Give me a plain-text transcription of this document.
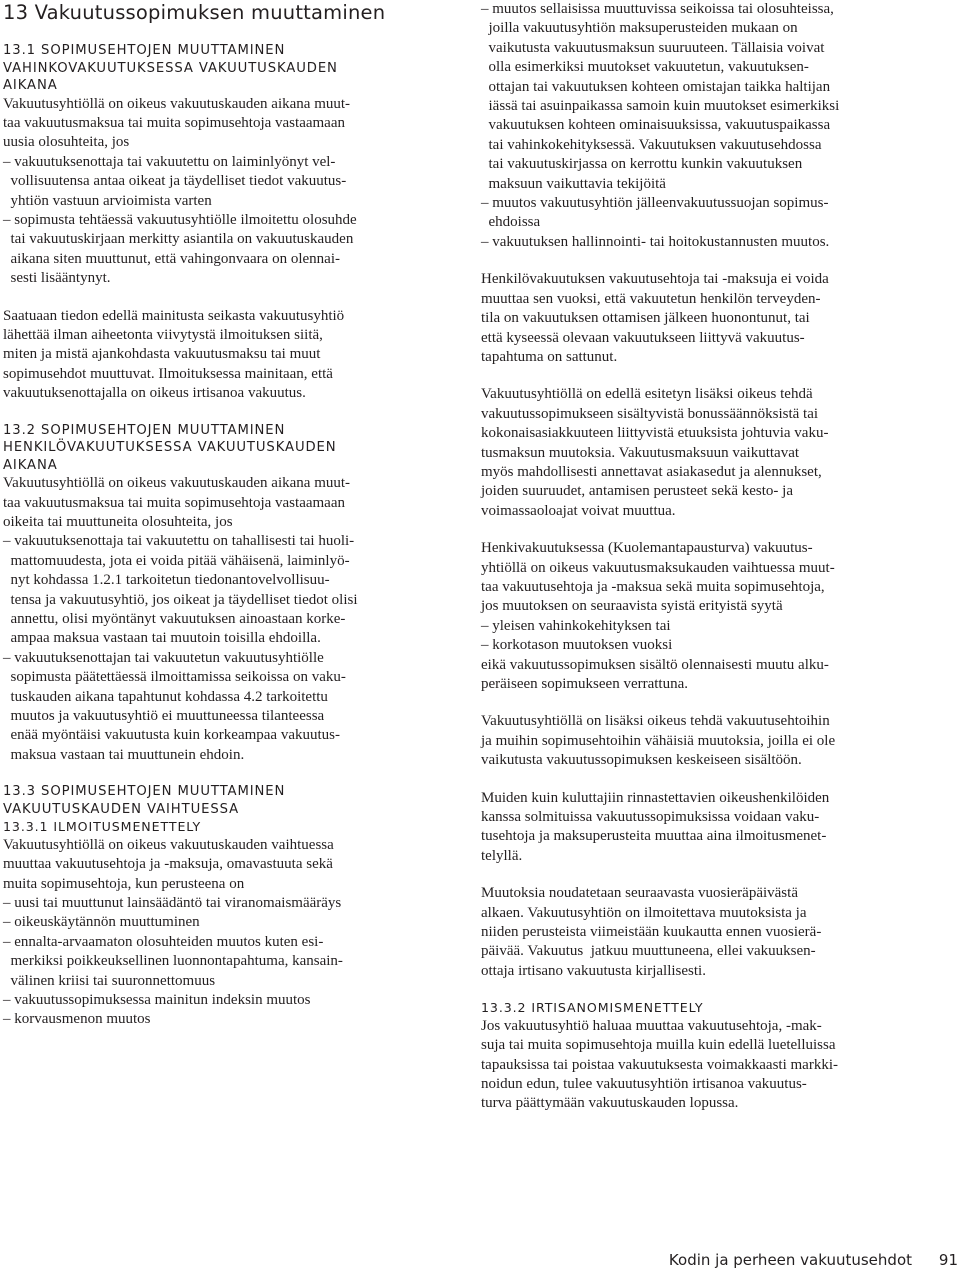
13 Vakuutussopimuksen muuttaminen
13.1 SOPIMUSEHTOJEN MUUTTAMINEN
VAHINKOVAKUUTUKSESSA VAKUUTUSKAUDEN
AIKANA
Vakuutusyhtiöllä on oikeus vakuutuskauden aikana muut-
taa vakuutusmaksua tai muita sopimusehtoja vastaamaan
uusia olosuhteita, jos
– vakuutuksenottaja tai vakuutettu on laiminlyönyt vel-
vollisuutensa antaa oikeat ja täydelliset tiedot vakuutus-
yhtiön vastuun arvioimista varten
– sopimusta tehtäessä vakuutusyhtiölle ilmoitettu olosuhde
tai vakuutuskirjaan merkitty asiantila on vakuutuskauden
aikana siten muuttunut, että vahingonvaara on olennai-
sesti lisääntynyt.
Saatuaan tiedon edellä mainitusta seikasta vakuutusyhtiö
lähettää ilman aiheetonta viivytystä ilmoituksen siitä,
miten ja mistä ajankohdasta vakuutusmaksu tai muut
sopimusehdot muuttuvat. Ilmoituksessa mainitaan, että
vakuutuksenottajalla on oikeus irtisanoa vakuutus.
13.2 SOPIMUSEHTOJEN MUUTTAMINEN
HENKILÖVAKUUTUKSESSA VAKUUTUSKAUDEN
AIKANA
Vakuutusyhtiöllä on oikeus vakuutuskauden aikana muut-
taa vakuutusmaksua tai muita sopimusehtoja vastaamaan
oikeita tai muuttuneita olosuhteita, jos
– vakuutuksenottaja tai vakuutettu on tahallisesti tai huoli-
mattomuudesta, jota ei voida pitää vähäisenä, laiminlyö-
nyt kohdassa 1.2.1 tarkoitetun tiedonantovelvollisuu-
tensa ja vakuutusyhtiö, jos oikeat ja täydelliset tiedot olisi
annettu, olisi myöntänyt vakuutuksen ainoastaan korke-
ampaa maksua vastaan tai muutoin toisilla ehdoilla.
– vakuutuksenottajan tai vakuutetun vakuutusyhtiölle
sopimusta päätettäessä ilmoittamissa seikoissa on vaku-
tuskauden aikana tapahtunut kohdassa 4.2 tarkoitettu
muutos ja vakuutusyhtiö ei muuttuneessa tilanteessa
enää myöntäisi vakuutusta kuin korkeampaa vakuutus-
maksua vastaan tai muuttunein ehdoin.
13.3 SOPIMUSEHTOJEN MUUTTAMINEN
VAKUUTUSKAUDEN VAIHTUESSA
13.3.1 ILMOITUSMENETTELY
Vakuutusyhtiöllä on oikeus vakuutuskauden vaihtuessa
muuttaa vakuutusehtoja ja -maksuja, omavastuuta sekä
muita sopimusehtoja, kun perusteena on
– uusi tai muuttunut lainsäädäntö tai viranomaismääräys
– oikeuskäytännön muuttuminen
– ennalta-arvaamaton olosuhteiden muutos kuten esi-
merkiksi poikkeuksellinen luonnontapahtuma, kansain-
välinen kriisi tai suuronnettomuus
– vakuutussopimuksessa mainitun indeksin muutos
– korvausmenon muutos
– muutos sellaisissa muuttuvissa seikoissa tai olosuhteissa,
joilla vakuutusyhtiön maksuperusteiden mukaan on
vaikutusta vakuutusmaksun suuruuteen. Tällaisia voivat
olla esimerkiksi muutokset vakuutetun, vakuutuksen-
ottajan tai vakuutuksen kohteen omistajan taikka haltijan
iässä tai asuinpaikassa samoin kuin muutokset esimerkiksi
vakuutuksen kohteen ominaisuuksissa, vakuutuspaikassa
tai vahinkokehityksessä. Vakuutuksen vakuutusehdossa
tai vakuutuskirjassa on kerrottu kunkin vakuutuksen
maksuun vaikuttavia tekijöitä
– muutos vakuutusyhtiön jälleenvakuutussuojan sopimus-
ehdoissa
– vakuutuksen hallinnointi- tai hoitokustannusten muutos.
Henkilövakuutuksen vakuutusehtoja tai -maksuja ei voida
muuttaa sen vuoksi, että vakuutetun henkilön terveyden-
tila on vakuutuksen ottamisen jälkeen huonontunut, tai
että kyseessä olevaan vakuutukseen liittyvä vakuutus-
tapahtuma on sattunut.
Vakuutusyhtiöllä on edellä esitetyn lisäksi oikeus tehdä
vakuutussopimukseen sisältyvistä bonussäännöksistä tai
kokonaisasiakkuuteen liittyvistä etuuksista johtuvia vaku-
tusmaksun muutoksia. Vakuutusmaksuun vaikuttavat
myös mahdollisesti annettavat asiakasedut ja alennukset,
joiden suuruudet, antamisen perusteet sekä kesto- ja
voimassaoloajat voivat muuttua.
Henkivakuutuksessa (Kuolemantapausturva) vakuutus-
yhtiöllä on oikeus vakuutusmaksukauden vaihtuessa muut-
taa vakuutusehtoja ja -maksua sekä muita sopimusehtoja,
jos muutoksen on seuraavista syistä erityistä syytä
– yleisen vahinkokehityksen tai
– korkotason muutoksen vuoksi
eikä vakuutussopimuksen sisältö olennaisesti muutu alku-
peräiseen sopimukseen verrattuna.
Vakuutusyhtiöllä on lisäksi oikeus tehdä vakuutusehtoihin
ja muihin sopimusehtoihin vähäisiä muutoksia, joilla ei ole
vaikutusta vakuutussopimuksen keskeiseen sisältöön.
Muiden kuin kuluttajiin rinnastettavien oikeushenkilöiden
kanssa solmituissa vakuutussopimuksissa voidaan vaku-
tusehtoja ja maksuperusteita muuttaa aina ilmoitusmenet-
telyllä.
Muutoksia noudatetaan seuraavasta vuosieräpäivästä
alkaen. Vakuutusyhtiön on ilmoitettava muutoksista ja
niiden perusteista viimeistään kuukautta ennen vuosierä-
päivää. Vakuutus  jatkuu muuttuneena, ellei vakuuksen-
ottaja irtisano vakuutusta kirjallisesti.
13.3.2 IRTISANOMISMENETTELY
Jos vakuutusyhtiö haluaa muuttaa vakuutusehtoja, -mak-
suja tai muita sopimusehtoja muilla kuin edellä luetelluissa
tapauksissa tai poistaa vakuutuksesta voimakkaasti markki-
noidun edun, tulee vakuutusyhtiön irtisanoa vakuutus-
turva päättymään vakuutuskauden lopussa.
Kodin ja perheen vakuutusehdot 91
